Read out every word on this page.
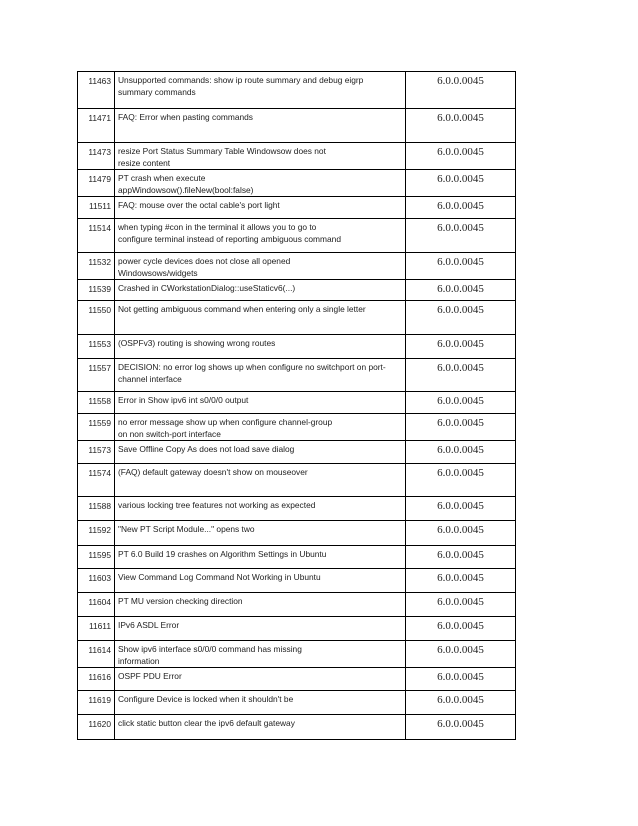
11463	Unsupported commands: show ip route summary and debug eigrp
summary commands	6.0.0.0045
11471	FAQ: Error when pasting commands	6.0.0.0045
11473	resize Port Status Summary Table Windowsow does not
resize content	6.0.0.0045
11479	PT crash when execute
appWindowsow().fileNew(bool:false)	6.0.0.0045
11511	FAQ: mouse over the octal cable's port light	6.0.0.0045
11514	when typing #con in the terminal it allows you to go to
configure terminal instead of reporting ambiguous command	6.0.0.0045
11532	power cycle devices does not close all opened
Windowsows/widgets	6.0.0.0045
11539	Crashed in CWorkstationDialog::useStaticv6(...)	6.0.0.0045
11550	Not getting ambiguous command when entering only a single letter	6.0.0.0045
11553	(OSPFv3) routing is showing wrong routes	6.0.0.0045
11557	DECISION: no error log shows up when configure no switchport on port-
channel interface	6.0.0.0045
11558	Error in Show ipv6 int s0/0/0 output	6.0.0.0045
11559	no error message show up when configure channel-group
on non switch-port interface	6.0.0.0045
11573	Save Offline Copy As does not load save dialog	6.0.0.0045
11574	(FAQ) default gateway doesn't show on mouseover	6.0.0.0045
11588	various locking tree features not working as expected	6.0.0.0045
11592	"New PT Script Module..." opens two	6.0.0.0045
11595	PT 6.0 Build 19 crashes on Algorithm Settings in Ubuntu	6.0.0.0045
11603	View Command Log Command Not Working in Ubuntu	6.0.0.0045
11604	PT MU version checking direction	6.0.0.0045
11611	IPv6 ASDL Error	6.0.0.0045
11614	Show ipv6 interface s0/0/0 command has missing
information	6.0.0.0045
11616	OSPF PDU Error	6.0.0.0045
11619	Configure Device is locked when it shouldn't be	6.0.0.0045
11620	click static button clear the ipv6 default gateway	6.0.0.0045
